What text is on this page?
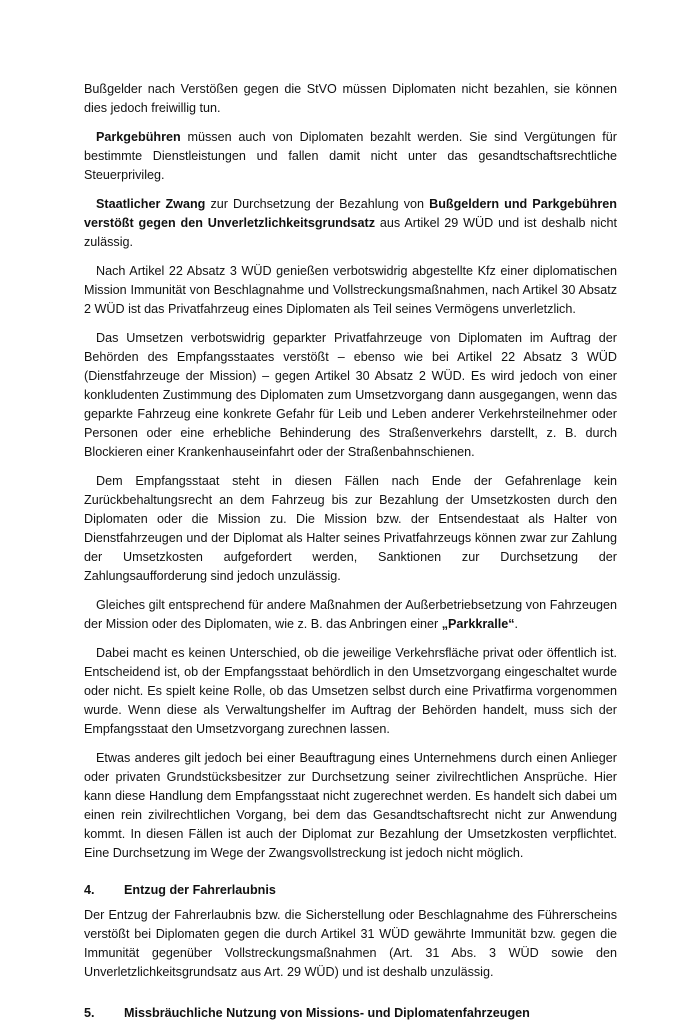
Bußgelder nach Verstößen gegen die StVO müssen Diplomaten nicht bezahlen, sie können dies jedoch freiwillig tun.

Parkgebühren müssen auch von Diplomaten bezahlt werden. Sie sind Vergütungen für bestimmte Dienstleistungen und fallen damit nicht unter das gesandtschaftsrechtliche Steuerprivileg.

Staatlicher Zwang zur Durchsetzung der Bezahlung von Bußgeldern und Parkgebühren verstößt gegen den Unverletzlichkeitsgrundsatz aus Artikel 29 WÜD und ist deshalb nicht zulässig.

Nach Artikel 22 Absatz 3 WÜD genießen verbotswidrig abgestellte Kfz einer diplomatischen Mission Immunität von Beschlagnahme und Vollstreckungsmaßnahmen, nach Artikel 30 Absatz 2 WÜD ist das Privatfahrzeug eines Diplomaten als Teil seines Vermögens unverletzlich.

Das Umsetzen verbotswidrig geparkter Privatfahrzeuge von Diplomaten im Auftrag der Behörden des Empfangsstaates verstößt – ebenso wie bei Artikel 22 Absatz 3 WÜD (Dienstfahrzeuge der Mission) – gegen Artikel 30 Absatz 2 WÜD. Es wird jedoch von einer konkludenten Zustimmung des Diplomaten zum Umsetzvorgang dann ausgegangen, wenn das geparkte Fahrzeug eine konkrete Gefahr für Leib und Leben anderer Verkehrsteilnehmer oder Personen oder eine erhebliche Behinderung des Straßenverkehrs darstellt, z. B. durch Blockieren einer Krankenhauseinfahrt oder der Straßenbahnschienen.

Dem Empfangsstaat steht in diesen Fällen nach Ende der Gefahrenlage kein Zurückbehaltungsrecht an dem Fahrzeug bis zur Bezahlung der Umsetzkosten durch den Diplomaten oder die Mission zu. Die Mission bzw. der Entsendestaat als Halter von Dienstfahrzeugen und der Diplomat als Halter seines Privatfahrzeugs können zwar zur Zahlung der Umsetzkosten aufgefordert werden, Sanktionen zur Durchsetzung der Zahlungsaufforderung sind jedoch unzulässig.

Gleiches gilt entsprechend für andere Maßnahmen der Außerbetriebsetzung von Fahrzeugen der Mission oder des Diplomaten, wie z. B. das Anbringen einer „Parkkralle“.

Dabei macht es keinen Unterschied, ob die jeweilige Verkehrsfläche privat oder öffentlich ist. Entscheidend ist, ob der Empfangsstaat behördlich in den Umsetzvorgang eingeschaltet wurde oder nicht. Es spielt keine Rolle, ob das Umsetzen selbst durch eine Privatfirma vorgenommen wurde. Wenn diese als Verwaltungshelfer im Auftrag der Behörden handelt, muss sich der Empfangsstaat den Umsetzvorgang zurechnen lassen.

Etwas anderes gilt jedoch bei einer Beauftragung eines Unternehmens durch einen Anlieger oder privaten Grundstücksbesitzer zur Durchsetzung seiner zivilrechtlichen Ansprüche. Hier kann diese Handlung dem Empfangsstaat nicht zugerechnet werden. Es handelt sich dabei um einen rein zivilrechtlichen Vorgang, bei dem das Gesandtschaftsrecht nicht zur Anwendung kommt. In diesen Fällen ist auch der Diplomat zur Bezahlung der Umsetzkosten verpflichtet. Eine Durchsetzung im Wege der Zwangsvollstreckung ist jedoch nicht möglich.

4.	Entzug der Fahrerlaubnis

Der Entzug der Fahrerlaubnis bzw. die Sicherstellung oder Beschlagnahme des Führerscheins verstößt bei Diplomaten gegen die durch Artikel 31 WÜD gewährte Immunität bzw. gegen die Immunität gegenüber Vollstreckungsmaßnahmen (Art. 31 Abs. 3 WÜD sowie den Unverletzlichkeitsgrundsatz aus Art. 29 WÜD) und ist deshalb unzulässig.

5.	Missbräuchliche Nutzung von Missions- und Diplomatenfahrzeugen
